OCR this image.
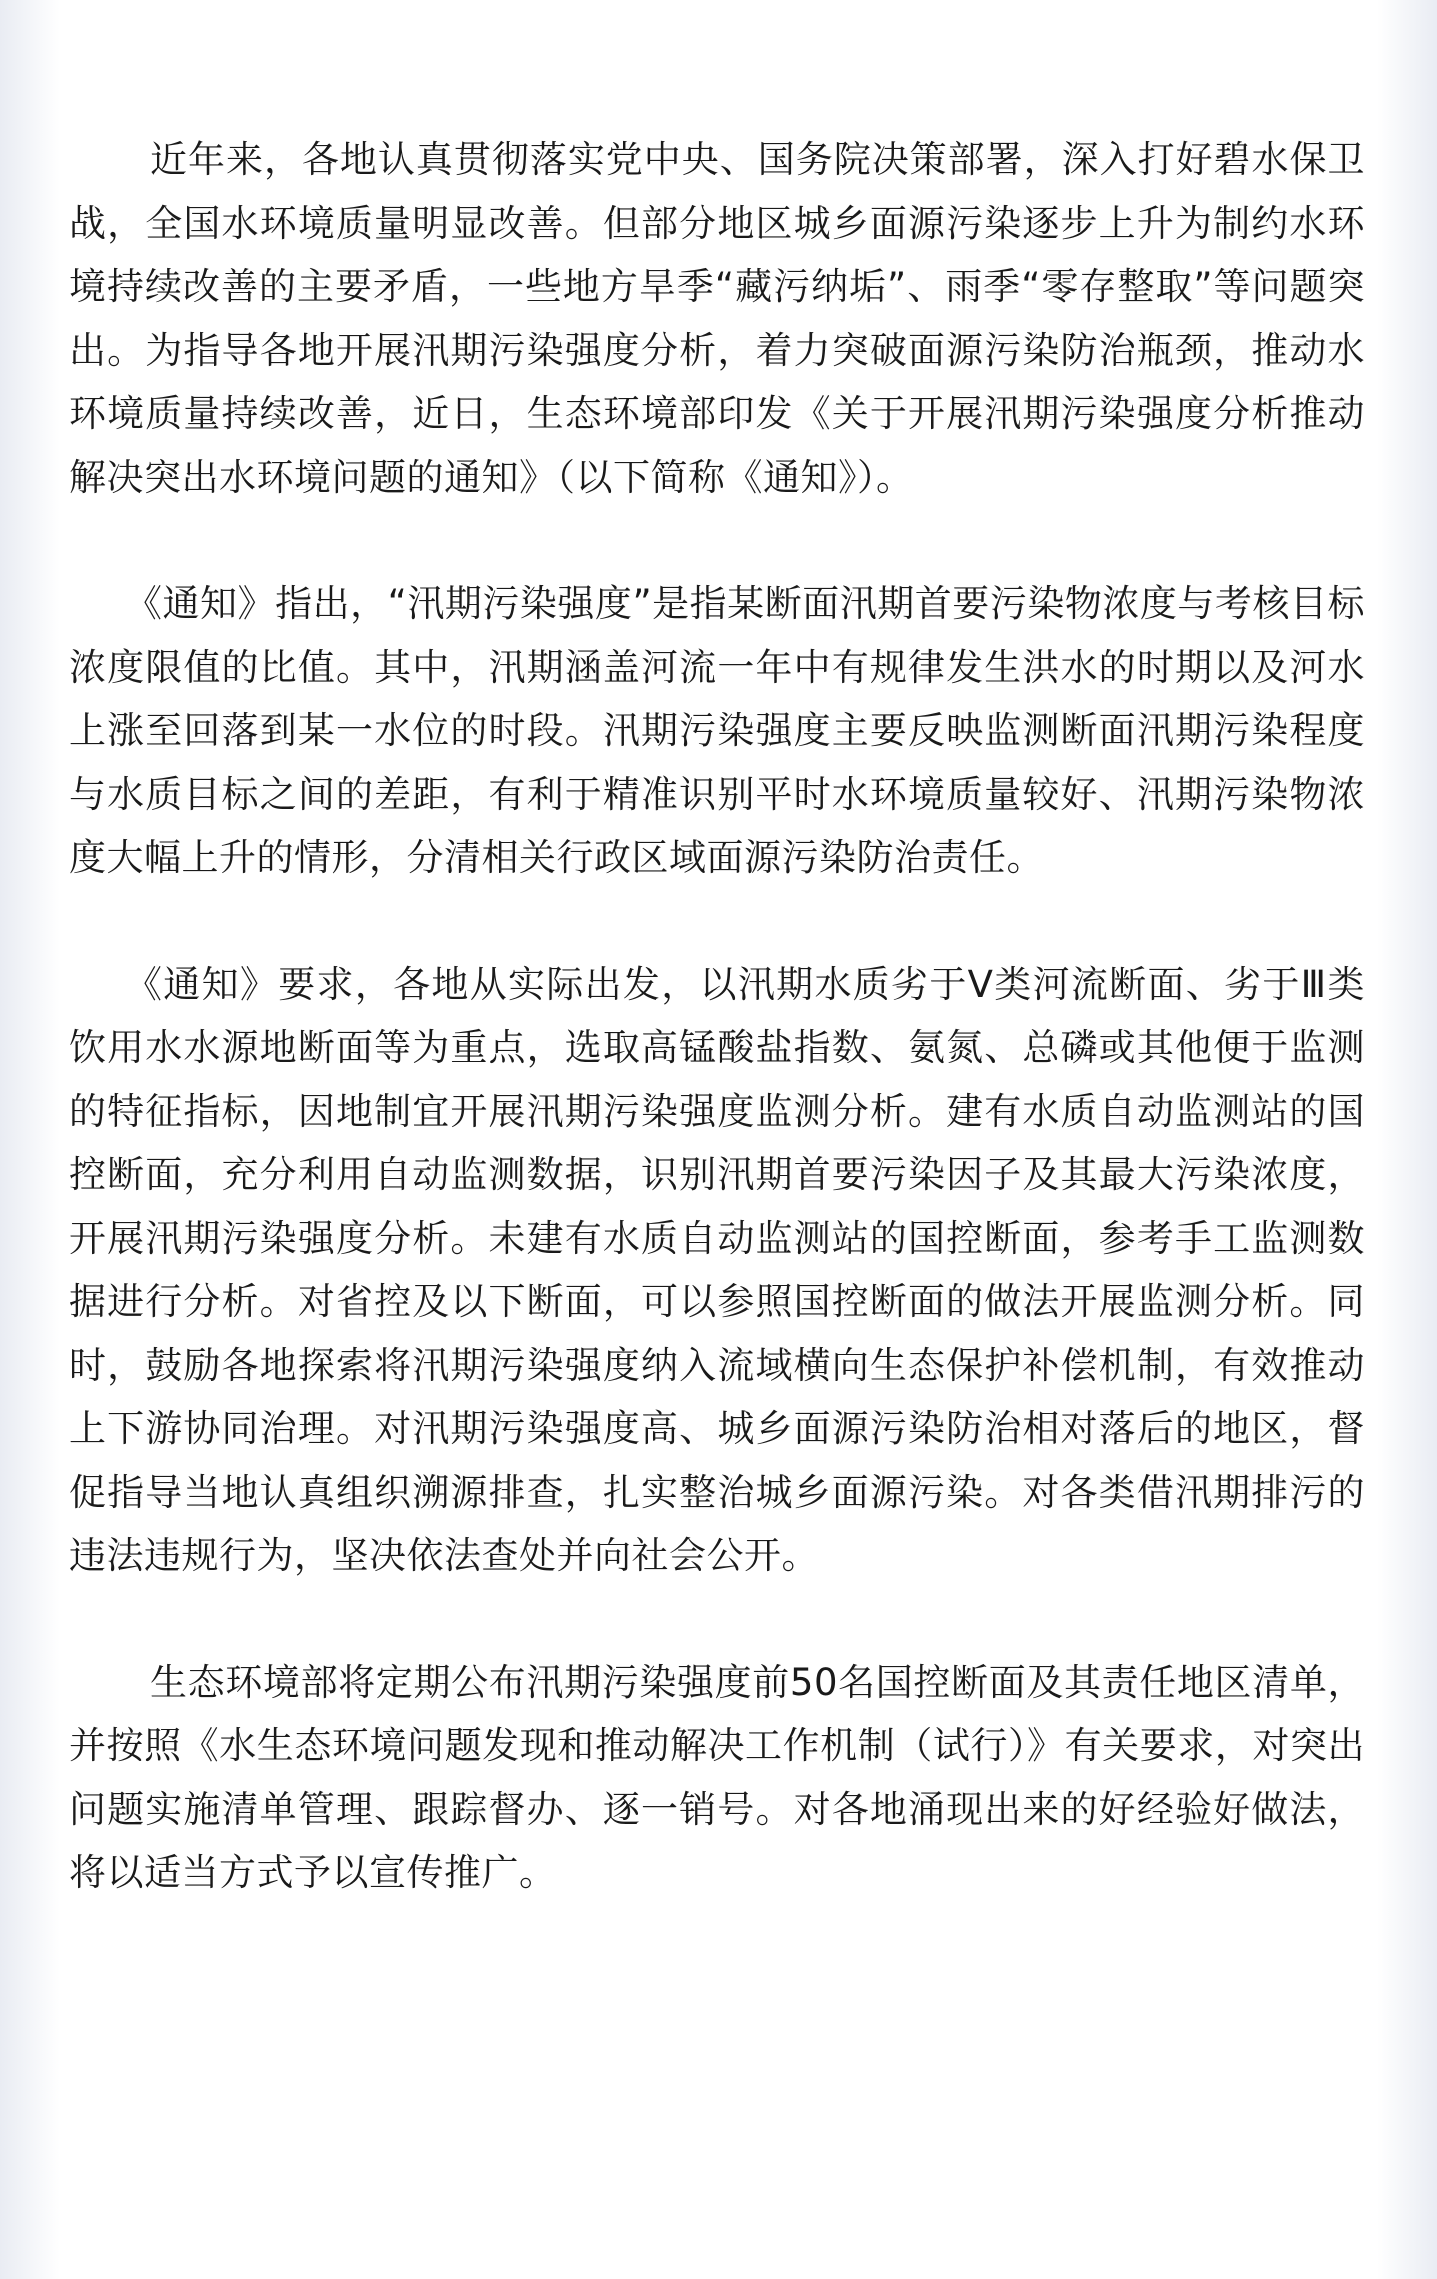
近年来，各地认真贯彻落实党中央、国务院决策部署，深入打好碧水保卫战，全国水环境质量明显改善。但部分地区城乡面源污染逐步上升为制约水环境持续改善的主要矛盾，一些地方旱季“藏污纳垢”、雨季“零存整取”等问题突出。为指导各地开展汛期污染强度分析，着力突破面源污染防治瓶颈，推动水环境质量持续改善，近日，生态环境部印发《关于开展汛期污染强度分析推动解决突出水环境问题的通知》（以下简称《通知》）。

《通知》指出，“汛期污染强度”是指某断面汛期首要污染物浓度与考核目标浓度限值的比值。其中，汛期涵盖河流一年中有规律发生洪水的时期以及河水上涨至回落到某一水位的时段。汛期污染强度主要反映监测断面汛期污染程度与水质目标之间的差距，有利于精准识别平时水环境质量较好、汛期污染物浓度大幅上升的情形，分清相关行政区域面源污染防治责任。

《通知》要求，各地从实际出发，以汛期水质劣于Ⅴ类河流断面、劣于Ⅲ类饮用水水源地断面等为重点，选取高锰酸盐指数、氨氮、总磷或其他便于监测的特征指标，因地制宜开展汛期污染强度监测分析。建有水质自动监测站的国控断面，充分利用自动监测数据，识别汛期首要污染因子及其最大污染浓度，开展汛期污染强度分析。未建有水质自动监测站的国控断面，参考手工监测数据进行分析。对省控及以下断面，可以参照国控断面的做法开展监测分析。同时，鼓励各地探索将汛期污染强度纳入流域横向生态保护补偿机制，有效推动上下游协同治理。对汛期污染强度高、城乡面源污染防治相对落后的地区，督促指导当地认真组织溯源排查，扎实整治城乡面源污染。对各类借汛期排污的违法违规行为，坚决依法查处并向社会公开。

生态环境部将定期公布汛期污染强度前50名国控断面及其责任地区清单，并按照《水生态环境问题发现和推动解决工作机制（试行）》有关要求，对突出问题实施清单管理、跟踪督办、逐一销号。对各地涌现出来的好经验好做法，将以适当方式予以宣传推广。
